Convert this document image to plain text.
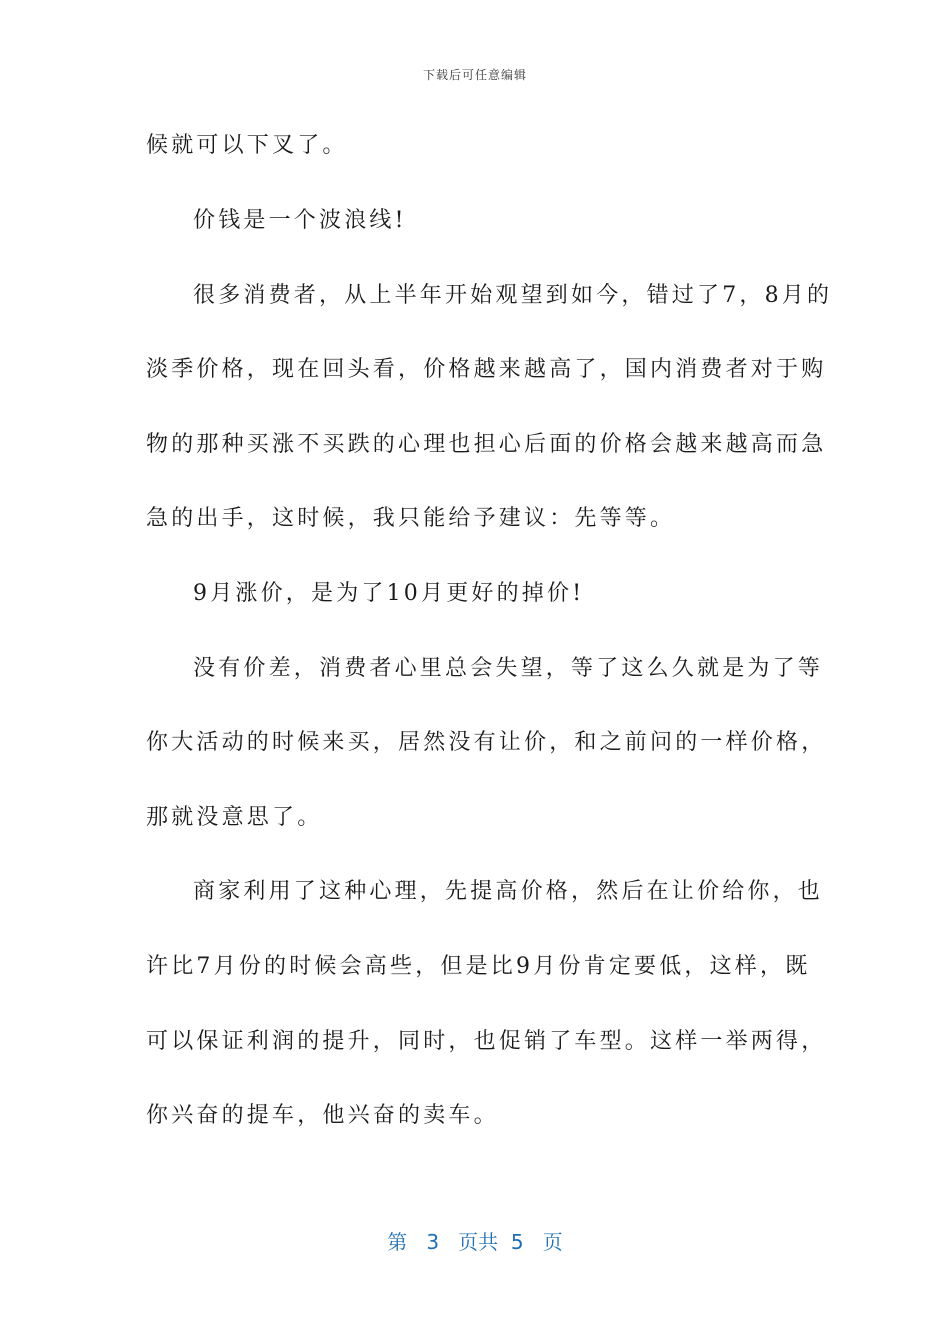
下载后可任意编辑
候就可以下叉了。
价钱是一个波浪线!
很多消费者，从上半年开始观望到如今，错过了7，8月的
淡季价格，现在回头看，价格越来越高了，国内消费者对于购
物的那种买涨不买跌的心理也担心后面的价格会越来越高而急
急的出手，这时候，我只能给予建议：先等等。
9月涨价，是为了10月更好的掉价!
没有价差，消费者心里总会失望，等了这么久就是为了等
你大活动的时候来买，居然没有让价，和之前问的一样价格，
那就没意思了。
商家利用了这种心理，先提高价格，然后在让价给你，也
许比7月份的时候会高些，但是比9月份肯定要低，这样，既
可以保证利润的提升，同时，也促销了车型。这样一举两得，
你兴奋的提车，他兴奋的卖车。
第 3 页共 5 页
